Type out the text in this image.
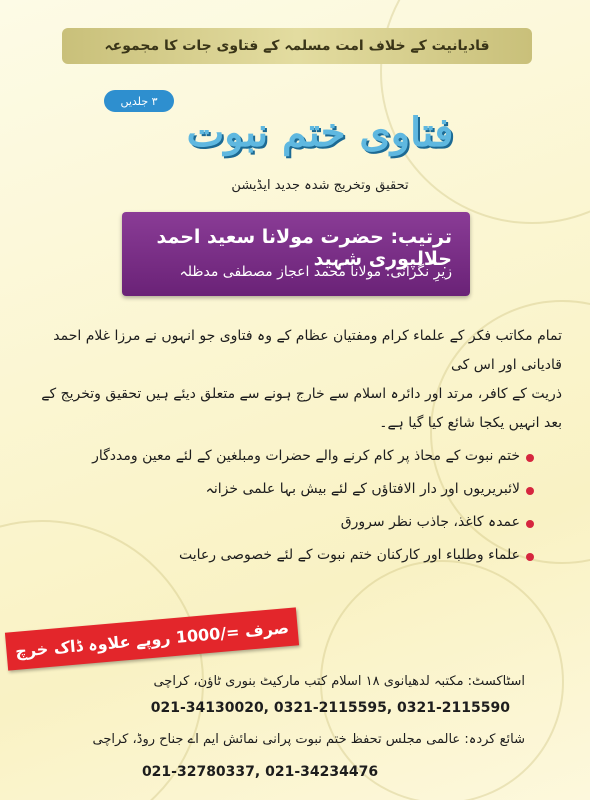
قادیانیت کے خلاف امت مسلمہ کے فتاوی جات کا مجموعہ
۳ جلدیں
فتاوی ختم نبوت
تحقیق وتخریج شدہ جدید ایڈیشن
ترتیب: حضرت مولانا سعید احمد جلالپوری شہید
زیرِ نگرانی: مولانا محمد اعجاز مصطفی مدظلہ
تمام مکاتب فکر کے علماء کرام ومفتیان عظام کے وہ فتاوی جو انہوں نے مرزا غلام احمد قادیانی اور اس کی
ذریت کے کافر، مرتد اور دائرہ اسلام سے خارج ہونے سے متعلق دیئے ہیں تحقیق وتخریج کے
بعد انہیں یکجا شائع کیا گیا ہے۔
ختم نبوت کے محاذ پر کام کرنے والے حضرات ومبلغین کے لئے معین ومددگار
لائبریریوں اور دار الافتاؤں کے لئے بیش بہا علمی خزانہ
عمدہ کاغذ، جاذب نظر سرورق
علماء وطلباء اور کارکنان ختم نبوت کے لئے خصوصی رعایت
صرف =/1000 روپے علاوہ ڈاک خرچ
اسٹاکسٹ: مکتبہ لدھیانوی ۱۸ اسلام کتب مارکیٹ بنوری ٹاؤن، کراچی
021-34130020, 0321-2115595, 0321-2115590
شائع کردہ: عالمی مجلس تحفظ ختم نبوت پرانی نمائش ایم اے جناح روڈ، کراچی
021-32780337, 021-34234476
